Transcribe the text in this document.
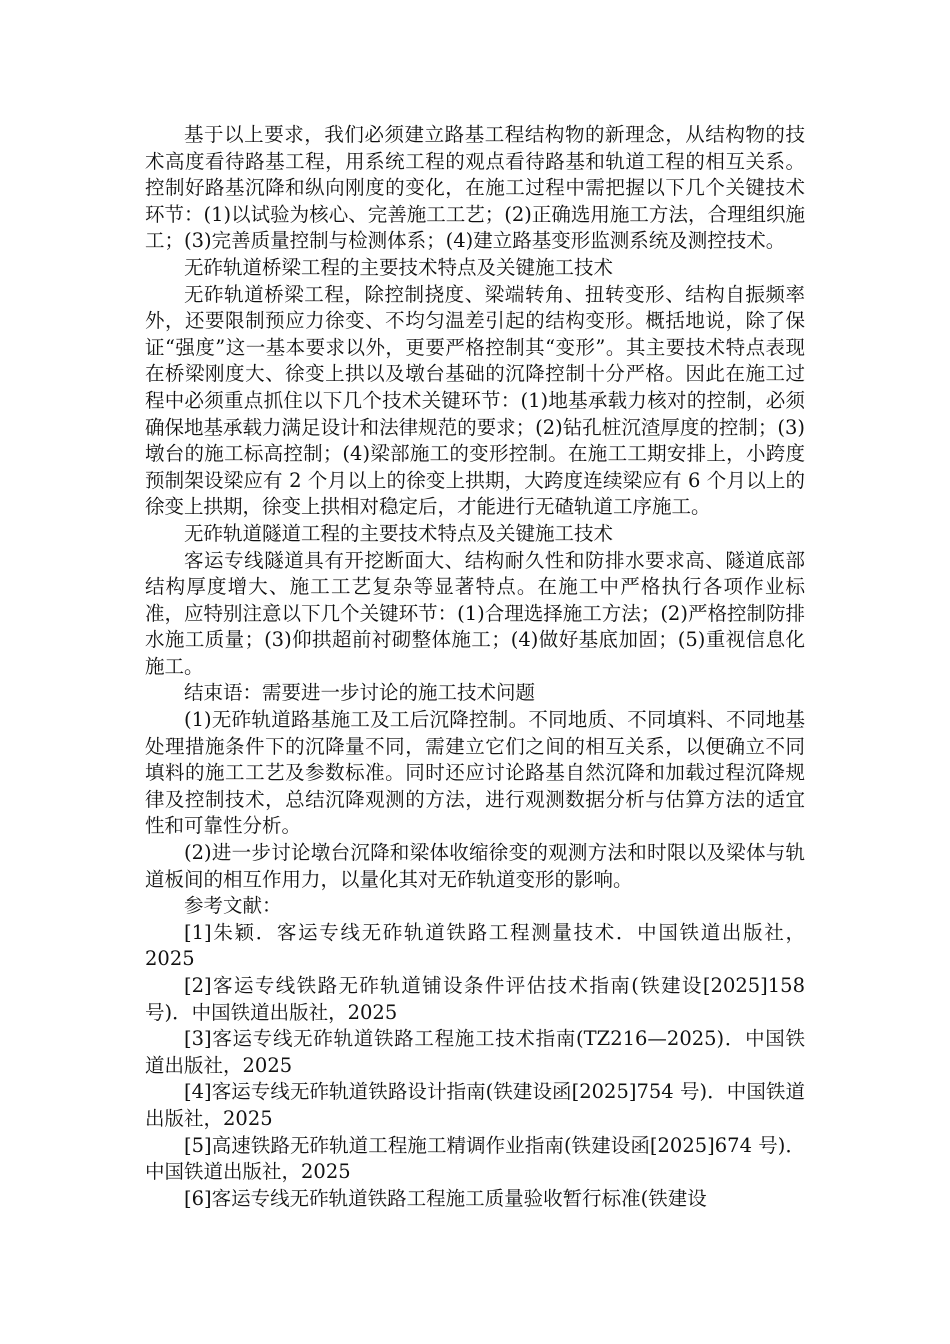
基于以上要求，我们必须建立路基工程结构物的新理念，从结构物的技术高度看待路基工程，用系统工程的观点看待路基和轨道工程的相互关系。控制好路基沉降和纵向刚度的变化，在施工过程中需把握以下几个关键技术环节：(1)以试验为核心、完善施工工艺；(2)正确选用施工方法，合理组织施工；(3)完善质量控制与检测体系；(4)建立路基变形监测系统及测控技术。

无砟轨道桥梁工程的主要技术特点及关键施工技术

无砟轨道桥梁工程，除控制挠度、梁端转角、扭转变形、结构自振频率外，还要限制预应力徐变、不均匀温差引起的结构变形。概括地说，除了保证“强度”这一基本要求以外，更要严格控制其“变形”。其主要技术特点表现在桥梁刚度大、徐变上拱以及墩台基础的沉降控制十分严格。因此在施工过程中必须重点抓住以下几个技术关键环节：(1)地基承载力核对的控制，必须确保地基承载力满足设计和法律规范的要求；(2)钻孔桩沉渣厚度的控制；(3)墩台的施工标高控制；(4)梁部施工的变形控制。在施工工期安排上，小跨度预制架设梁应有 2 个月以上的徐变上拱期，大跨度连续梁应有 6 个月以上的徐变上拱期，徐变上拱相对稳定后，才能进行无碴轨道工序施工。

无砟轨道隧道工程的主要技术特点及关键施工技术

客运专线隧道具有开挖断面大、结构耐久性和防排水要求高、隧道底部结构厚度增大、施工工艺复杂等显著特点。在施工中严格执行各项作业标准，应特别注意以下几个关键环节：(1)合理选择施工方法；(2)严格控制防排水施工质量；(3)仰拱超前衬砌整体施工；(4)做好基底加固；(5)重视信息化施工。

结束语：需要进一步讨论的施工技术问题

(1)无砟轨道路基施工及工后沉降控制。不同地质、不同填料、不同地基处理措施条件下的沉降量不同，需建立它们之间的相互关系，以便确立不同填料的施工工艺及参数标准。同时还应讨论路基自然沉降和加载过程沉降规律及控制技术，总结沉降观测的方法，进行观测数据分析与估算方法的适宜性和可靠性分析。

(2)进一步讨论墩台沉降和梁体收缩徐变的观测方法和时限以及梁体与轨道板间的相互作用力，以量化其对无砟轨道变形的影响。

参考文献：

[1]朱颖．客运专线无砟轨道铁路工程测量技术．中国铁道出版社，2025

[2]客运专线铁路无砟轨道铺设条件评估技术指南(铁建设[2025]158 号)．中国铁道出版社，2025

[3]客运专线无砟轨道铁路工程施工技术指南(TZ216—2025)．中国铁道出版社，2025

[4]客运专线无砟轨道铁路设计指南(铁建设函[2025]754 号)．中国铁道出版社，2025

[5]高速铁路无砟轨道工程施工精调作业指南(铁建设函[2025]674 号)．中国铁道出版社，2025

[6]客运专线无砟轨道铁路工程施工质量验收暂行标准(铁建设
